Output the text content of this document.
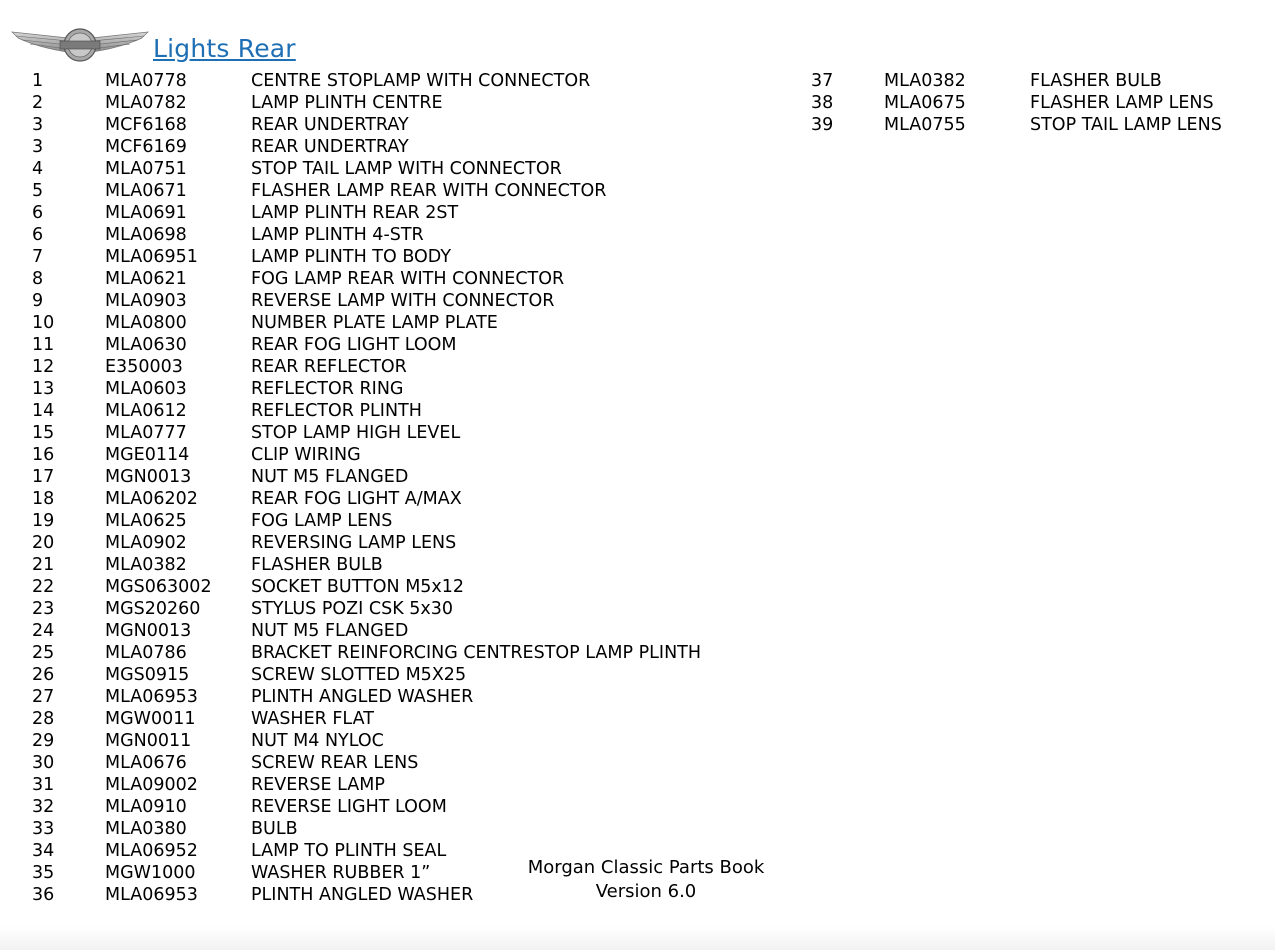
Lights Rear
1	MLA0778	CENTRE STOPLAMP WITH CONNECTOR
2	MLA0782	LAMP PLINTH CENTRE
3	MCF6168	REAR UNDERTRAY
3	MCF6169	REAR UNDERTRAY
4	MLA0751	STOP TAIL LAMP WITH CONNECTOR
5	MLA0671	FLASHER LAMP REAR WITH CONNECTOR
6	MLA0691	LAMP PLINTH REAR 2ST
6	MLA0698	LAMP PLINTH 4-STR
7	MLA06951	LAMP PLINTH TO BODY
8	MLA0621	FOG LAMP REAR WITH CONNECTOR
9	MLA0903	REVERSE LAMP WITH CONNECTOR
10	MLA0800	NUMBER PLATE LAMP PLATE
11	MLA0630	REAR FOG LIGHT LOOM
12	E350003	REAR REFLECTOR
13	MLA0603	REFLECTOR RING
14	MLA0612	REFLECTOR PLINTH
15	MLA0777	STOP LAMP HIGH LEVEL
16	MGE0114	CLIP WIRING
17	MGN0013	NUT M5 FLANGED
18	MLA06202	REAR FOG LIGHT A/MAX
19	MLA0625	FOG LAMP LENS
20	MLA0902	REVERSING LAMP LENS
21	MLA0382	FLASHER BULB
22	MGS063002 SOCKET BUTTON M5x12
23	MGS20260	STYLUS POZI CSK 5x30
24	MGN0013	NUT M5 FLANGED
25	MLA0786	BRACKET REINFORCING CENTRESTOP LAMP PLINTH
26	MGS0915	SCREW SLOTTED M5X25
27	MLA06953	PLINTH ANGLED WASHER
28	MGW0011	WASHER FLAT
29	MGN0011	NUT M4 NYLOC
30	MLA0676	SCREW REAR LENS
31	MLA09002	REVERSE LAMP
32	MLA0910	REVERSE LIGHT LOOM
33	MLA0380	BULB
34	MLA06952	LAMP TO PLINTH SEAL
35	MGW1000	WASHER RUBBER 1”
36	MLA06953	PLINTH ANGLED WASHER
37	MLA0382	FLASHER BULB
38	MLA0675	FLASHER LAMP LENS
39	MLA0755	STOP TAIL LAMP LENS
Morgan Classic Parts Book
Version 6.0
